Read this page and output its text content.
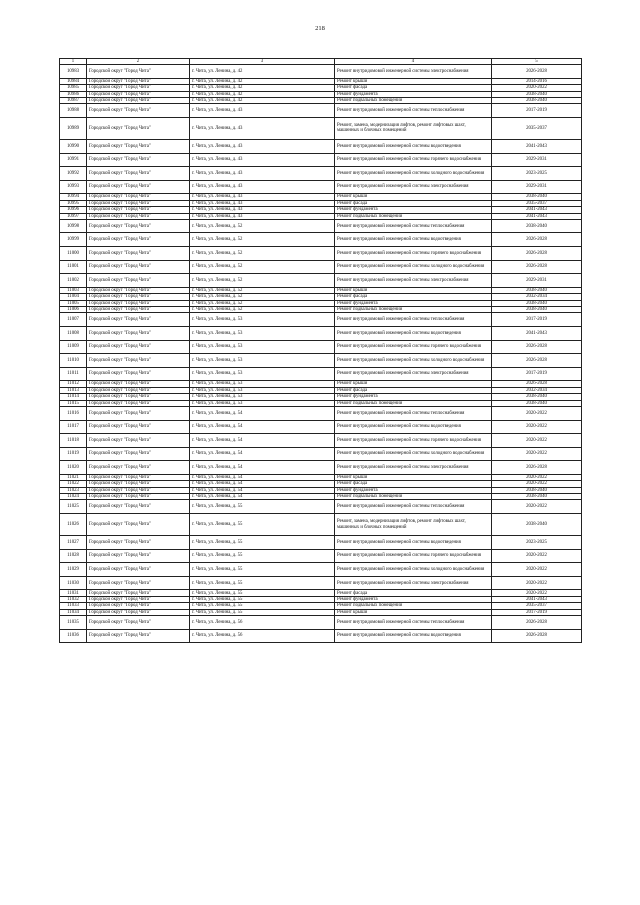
218
1	2	3	4	5
10983	Городской округ "Город Чита"	г. Чита, ул. Ленина, д. 42	Ремонт внутридомовой инженерной системы электроснабжения	2026-2028
10984	Городской округ "Город Чита"	г. Чита, ул. Ленина, д. 42	Ремонт крыши	2014-2016
10985	Городской округ "Город Чита"	г. Чита, ул. Ленина, д. 42	Ремонт фасада	2020-2022
10986	Городской округ "Город Чита"	г. Чита, ул. Ленина, д. 42	Ремонт фундамента	2038-2040
10987	Городской округ "Город Чита"	г. Чита, ул. Ленина, д. 42	Ремонт подвальных помещений	2038-2040
10988	Городской округ "Город Чита"	г. Чита, ул. Ленина, д. 43	Ремонт внутридомовой инженерной системы теплоснабжения	2017-2019
10989	Городской округ "Город Чита"	г. Чита, ул. Ленина, д. 43	Ремонт, замена, модернизация лифтов, ремонт лифтовых шахт, машинных и блочных помещений	2035-2037
10990	Городской округ "Город Чита"	г. Чита, ул. Ленина, д. 43	Ремонт внутридомовой инженерной системы водоотведения	2041-2043
10991	Городской округ "Город Чита"	г. Чита, ул. Ленина, д. 43	Ремонт внутридомовой инженерной системы горячего водоснабжения	2029-2031
10992	Городской округ "Город Чита"	г. Чита, ул. Ленина, д. 43	Ремонт внутридомовой инженерной системы холодного водоснабжения	2023-2025
10993	Городской округ "Город Чита"	г. Чита, ул. Ленина, д. 43	Ремонт внутридомовой инженерной системы электроснабжения	2029-2031
10994	Городской округ "Город Чита"	г. Чита, ул. Ленина, д. 43	Ремонт крыши	2038-2040
10995	Городской округ "Город Чита"	г. Чита, ул. Ленина, д. 43	Ремонт фасада	2035-2037
10996	Городской округ "Город Чита"	г. Чита, ул. Ленина, д. 43	Ремонт фундамента	2041-2043
10997	Городской округ "Город Чита"	г. Чита, ул. Ленина, д. 43	Ремонт подвальных помещений	2041-2043
10998	Городской округ "Город Чита"	г. Чита, ул. Ленина, д. 52	Ремонт внутридомовой инженерной системы теплоснабжения	2038-2040
10999	Городской округ "Город Чита"	г. Чита, ул. Ленина, д. 52	Ремонт внутридомовой инженерной системы водоотведения	2026-2028
11000	Городской округ "Город Чита"	г. Чита, ул. Ленина, д. 52	Ремонт внутридомовой инженерной системы горячего водоснабжения	2026-2028
11001	Городской округ "Город Чита"	г. Чита, ул. Ленина, д. 52	Ремонт внутридомовой инженерной системы холодного водоснабжения	2026-2028
11002	Городской округ "Город Чита"	г. Чита, ул. Ленина, д. 52	Ремонт внутридомовой инженерной системы электроснабжения	2029-2031
11003	Городской округ "Город Чита"	г. Чита, ул. Ленина, д. 52	Ремонт крыши	2038-2040
11004	Городской округ "Город Чита"	г. Чита, ул. Ленина, д. 52	Ремонт фасада	2032-2034
11005	Городской округ "Город Чита"	г. Чита, ул. Ленина, д. 52	Ремонт фундамента	2038-2040
11006	Городской округ "Город Чита"	г. Чита, ул. Ленина, д. 52	Ремонт подвальных помещений	2038-2040
11007	Городской округ "Город Чита"	г. Чита, ул. Ленина, д. 53	Ремонт внутридомовой инженерной системы теплоснабжения	2017-2019
11008	Городской округ "Город Чита"	г. Чита, ул. Ленина, д. 53	Ремонт внутридомовой инженерной системы водоотведения	2041-2043
11009	Городской округ "Город Чита"	г. Чита, ул. Ленина, д. 53	Ремонт внутридомовой инженерной системы горячего водоснабжения	2026-2028
11010	Городской округ "Город Чита"	г. Чита, ул. Ленина, д. 53	Ремонт внутридомовой инженерной системы холодного водоснабжения	2026-2028
11011	Городской округ "Город Чита"	г. Чита, ул. Ленина, д. 53	Ремонт внутридомовой инженерной системы электроснабжения	2017-2019
11012	Городской округ "Город Чита"	г. Чита, ул. Ленина, д. 53	Ремонт крыши	2026-2028
11013	Городской округ "Город Чита"	г. Чита, ул. Ленина, д. 53	Ремонт фасада	2032-2034
11014	Городской округ "Город Чита"	г. Чита, ул. Ленина, д. 53	Ремонт фундамента	2038-2040
11015	Городской округ "Город Чита"	г. Чита, ул. Ленина, д. 53	Ремонт подвальных помещений	2038-2040
11016	Городской округ "Город Чита"	г. Чита, ул. Ленина, д. 54	Ремонт внутридомовой инженерной системы теплоснабжения	2020-2022
11017	Городской округ "Город Чита"	г. Чита, ул. Ленина, д. 54	Ремонт внутридомовой инженерной системы водоотведения	2020-2022
11018	Городской округ "Город Чита"	г. Чита, ул. Ленина, д. 54	Ремонт внутридомовой инженерной системы горячего водоснабжения	2020-2022
11019	Городской округ "Город Чита"	г. Чита, ул. Ленина, д. 54	Ремонт внутридомовой инженерной системы холодного водоснабжения	2020-2022
11020	Городской округ "Город Чита"	г. Чита, ул. Ленина, д. 54	Ремонт внутридомовой инженерной системы электроснабжения	2026-2028
11021	Городской округ "Город Чита"	г. Чита, ул. Ленина, д. 54	Ремонт крыши	2020-2022
11022	Городской округ "Город Чита"	г. Чита, ул. Ленина, д. 54	Ремонт фасада	2020-2022
11023	Городской округ "Город Чита"	г. Чита, ул. Ленина, д. 54	Ремонт фундамента	2038-2040
11024	Городской округ "Город Чита"	г. Чита, ул. Ленина, д. 54	Ремонт подвальных помещений	2038-2040
11025	Городской округ "Город Чита"	г. Чита, ул. Ленина, д. 55	Ремонт внутридомовой инженерной системы теплоснабжения	2020-2022
11026	Городской округ "Город Чита"	г. Чита, ул. Ленина, д. 55	Ремонт, замена, модернизация лифтов, ремонт лифтовых шахт, машинных и блочных помещений	2038-2040
11027	Городской округ "Город Чита"	г. Чита, ул. Ленина, д. 55	Ремонт внутридомовой инженерной системы водоотведения	2023-2025
11028	Городской округ "Город Чита"	г. Чита, ул. Ленина, д. 55	Ремонт внутридомовой инженерной системы горячего водоснабжения	2020-2022
11029	Городской округ "Город Чита"	г. Чита, ул. Ленина, д. 55	Ремонт внутридомовой инженерной системы холодного водоснабжения	2020-2022
11030	Городской округ "Город Чита"	г. Чита, ул. Ленина, д. 55	Ремонт внутридомовой инженерной системы электроснабжения	2020-2022
11031	Городской округ "Город Чита"	г. Чита, ул. Ленина, д. 55	Ремонт фасада	2020-2022
11032	Городской округ "Город Чита"	г. Чита, ул. Ленина, д. 55	Ремонт фундамента	2041-2043
11033	Городской округ "Город Чита"	г. Чита, ул. Ленина, д. 55	Ремонт подвальных помещений	2035-2037
11034	Городской округ "Город Чита"	г. Чита, ул. Ленина, д. 55	Ремонт крыши	2017-2019
11035	Городской округ "Город Чита"	г. Чита, ул. Ленина, д. 56	Ремонт внутридомовой инженерной системы теплоснабжения	2026-2028
11036	Городской округ "Город Чита"	г. Чита, ул. Ленина, д. 56	Ремонт внутридомовой инженерной системы водоотведения	2026-2028
